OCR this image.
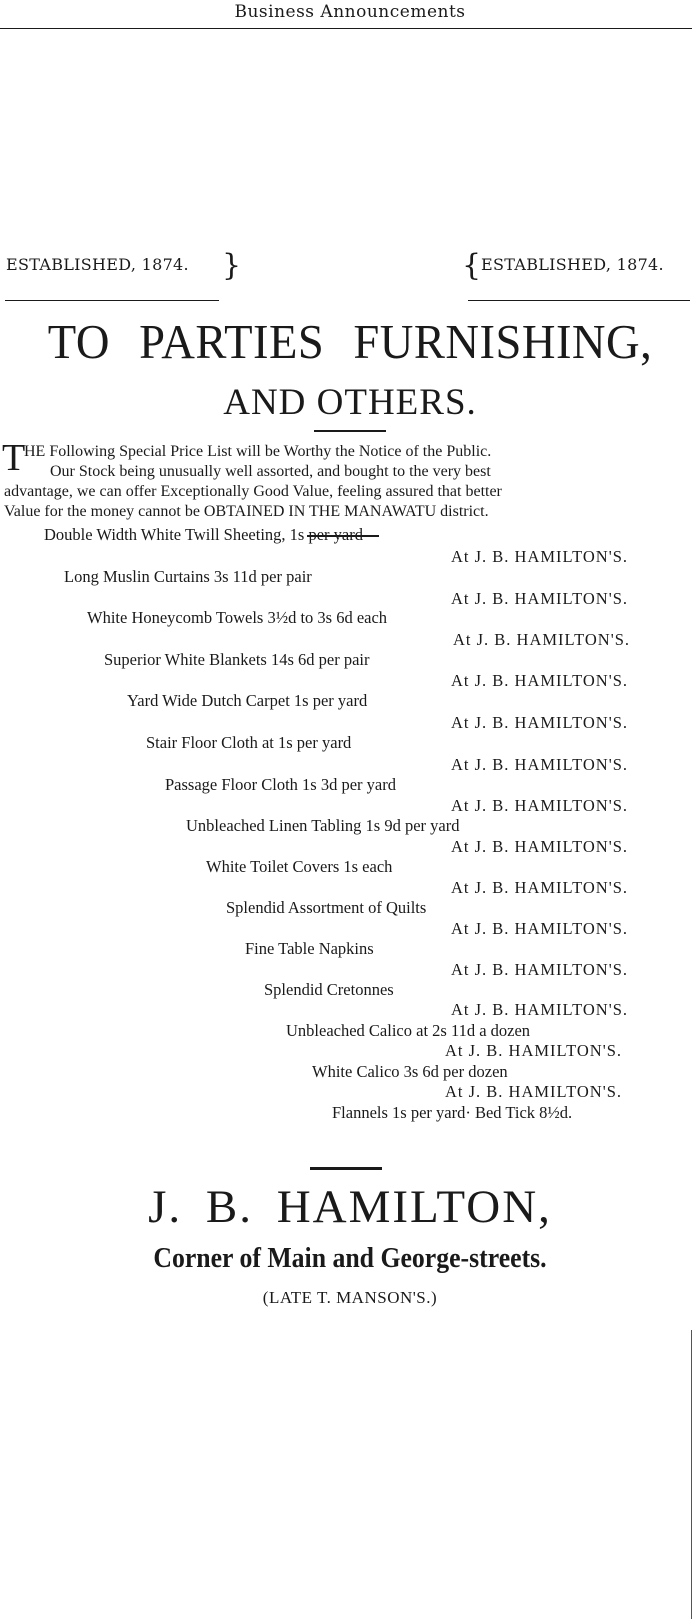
Business Announcements
ESTABLISHED, 1874. }	{ ESTABLISHED, 1874.
TO PARTIES FURNISHING,
AND OTHERS.
T
HE Following Special Price List will be Worthy the Notice of the Public.
Our Stock being unusually well assorted, and bought to the very best
advantage, we can offer Exceptionally Good Value, feeling assured that better
Value for the money cannot be OBTAINED IN THE MANAWATU district.
Double Width White Twill Sheeting, 1s per yard
At J. B. HAMILTON'S.
Long Muslin Curtains 3s 11d per pair
At J. B. HAMILTON'S.
White Honeycomb Towels 3½d to 3s 6d each
At J. B. HAMILTON'S.
Superior White Blankets 14s 6d per pair
At J. B. HAMILTON'S.
Yard Wide Dutch Carpet 1s per yard
At J. B. HAMILTON'S.
Stair Floor Cloth at 1s per yard
At J. B. HAMILTON'S.
Passage Floor Cloth 1s 3d per yard
At J. B. HAMILTON'S.
Unbleached Linen Tabling 1s 9d per yard
At J. B. HAMILTON'S.
White Toilet Covers 1s each
At J. B. HAMILTON'S.
Splendid Assortment of Quilts
At J. B. HAMILTON'S.
Fine Table Napkins
At J. B. HAMILTON'S.
Splendid Cretonnes
At J. B. HAMILTON'S.
Unbleached Calico at 2s 11d a dozen
At J. B. HAMILTON'S.
White Calico 3s 6d per dozen
At J. B. HAMILTON'S.
Flannels 1s per yard· Bed Tick 8½d.
J. B. HAMILTON,
Corner of Main and George-streets.
(LATE T. MANSON'S.)
